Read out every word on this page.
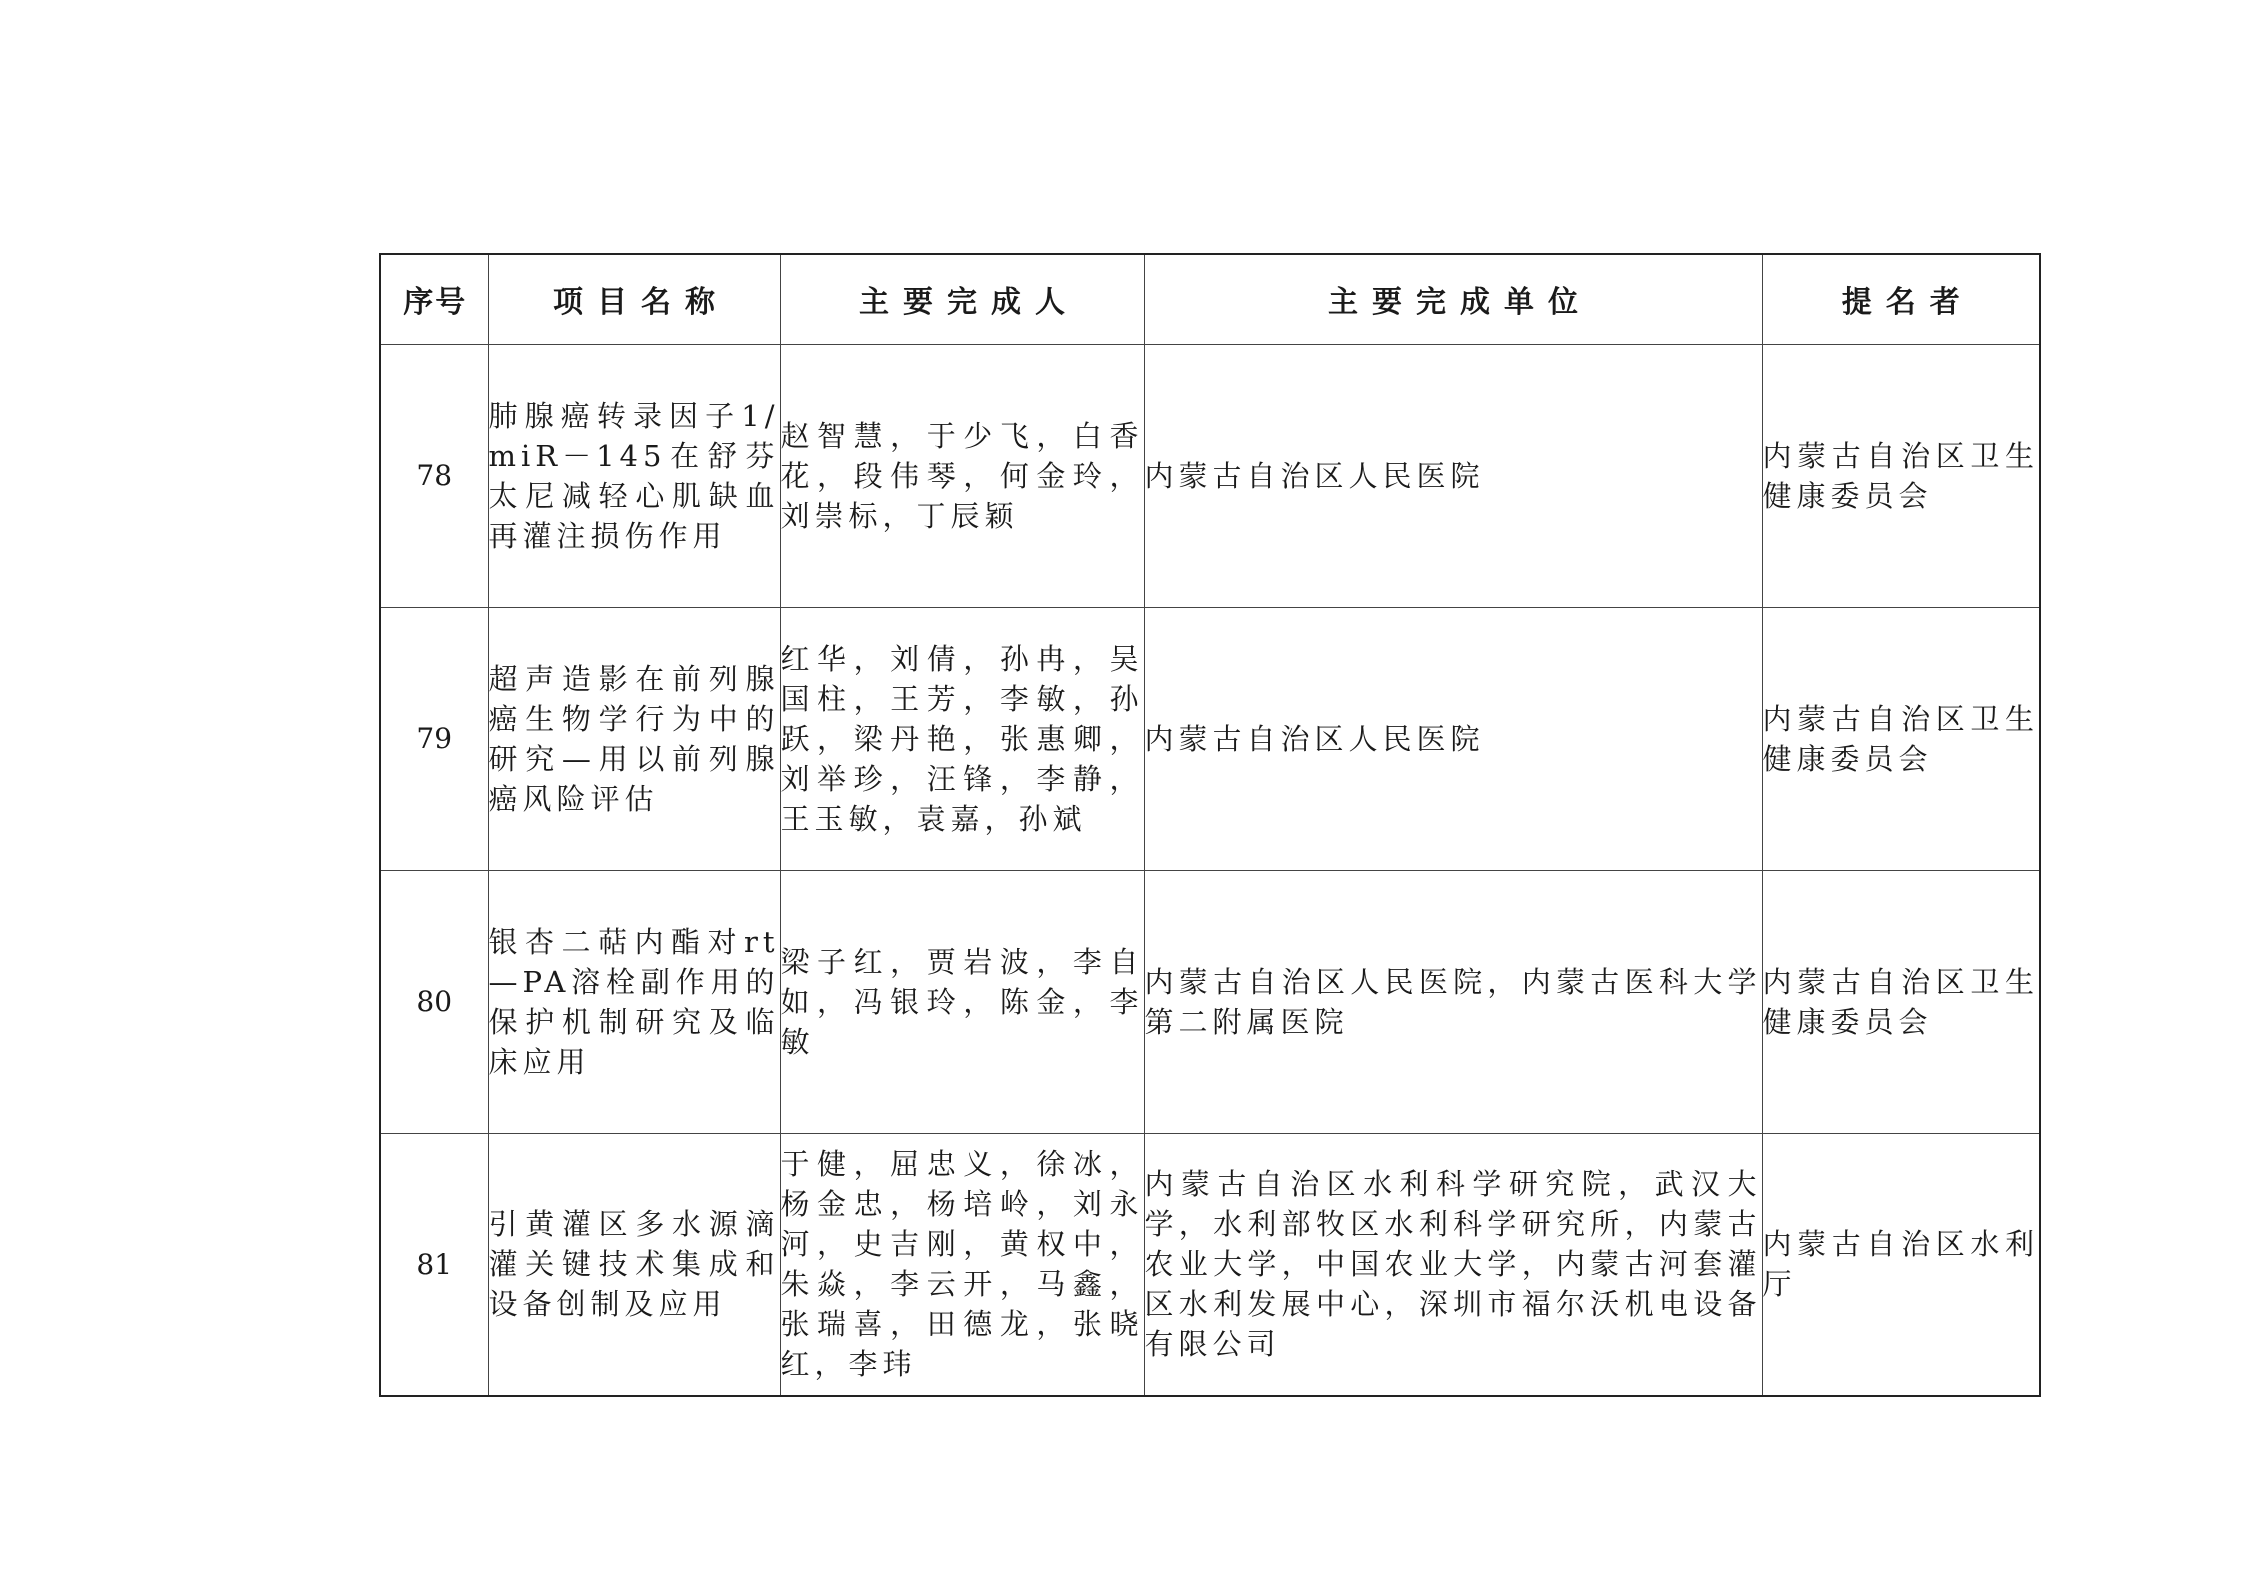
序号	项目名称	主要完成人	主要完成单位	提名者
78	肺腺癌转录因子1/miR－145在舒芬太尼减轻心肌缺血再灌注损伤作用	赵智慧，于少飞，白香花，段伟琴，何金玲，刘崇标，丁辰颖	内蒙古自治区人民医院	内蒙古自治区卫生健康委员会
79	超声造影在前列腺癌生物学行为中的研究—用以前列腺癌风险评估	红华，刘倩，孙冉，吴国柱，王芳，李敏，孙跃，梁丹艳，张惠卿，刘举珍，汪锋，李静，王玉敏，袁嘉，孙斌	内蒙古自治区人民医院	内蒙古自治区卫生健康委员会
80	银杏二萜内酯对rt—PA溶栓副作用的保护机制研究及临床应用	梁子红，贾岩波，李自如，冯银玲，陈金，李敏	内蒙古自治区人民医院，内蒙古医科大学第二附属医院	内蒙古自治区卫生健康委员会
81	引黄灌区多水源滴灌关键技术集成和设备创制及应用	于健，屈忠义，徐冰，杨金忠，杨培岭，刘永河，史吉刚，黄权中，朱焱，李云开，马鑫，张瑞喜，田德龙，张晓红，李玮	内蒙古自治区水利科学研究院，武汉大学，水利部牧区水利科学研究所，内蒙古农业大学，中国农业大学，内蒙古河套灌区水利发展中心，深圳市福尔沃机电设备有限公司	内蒙古自治区水利厅
